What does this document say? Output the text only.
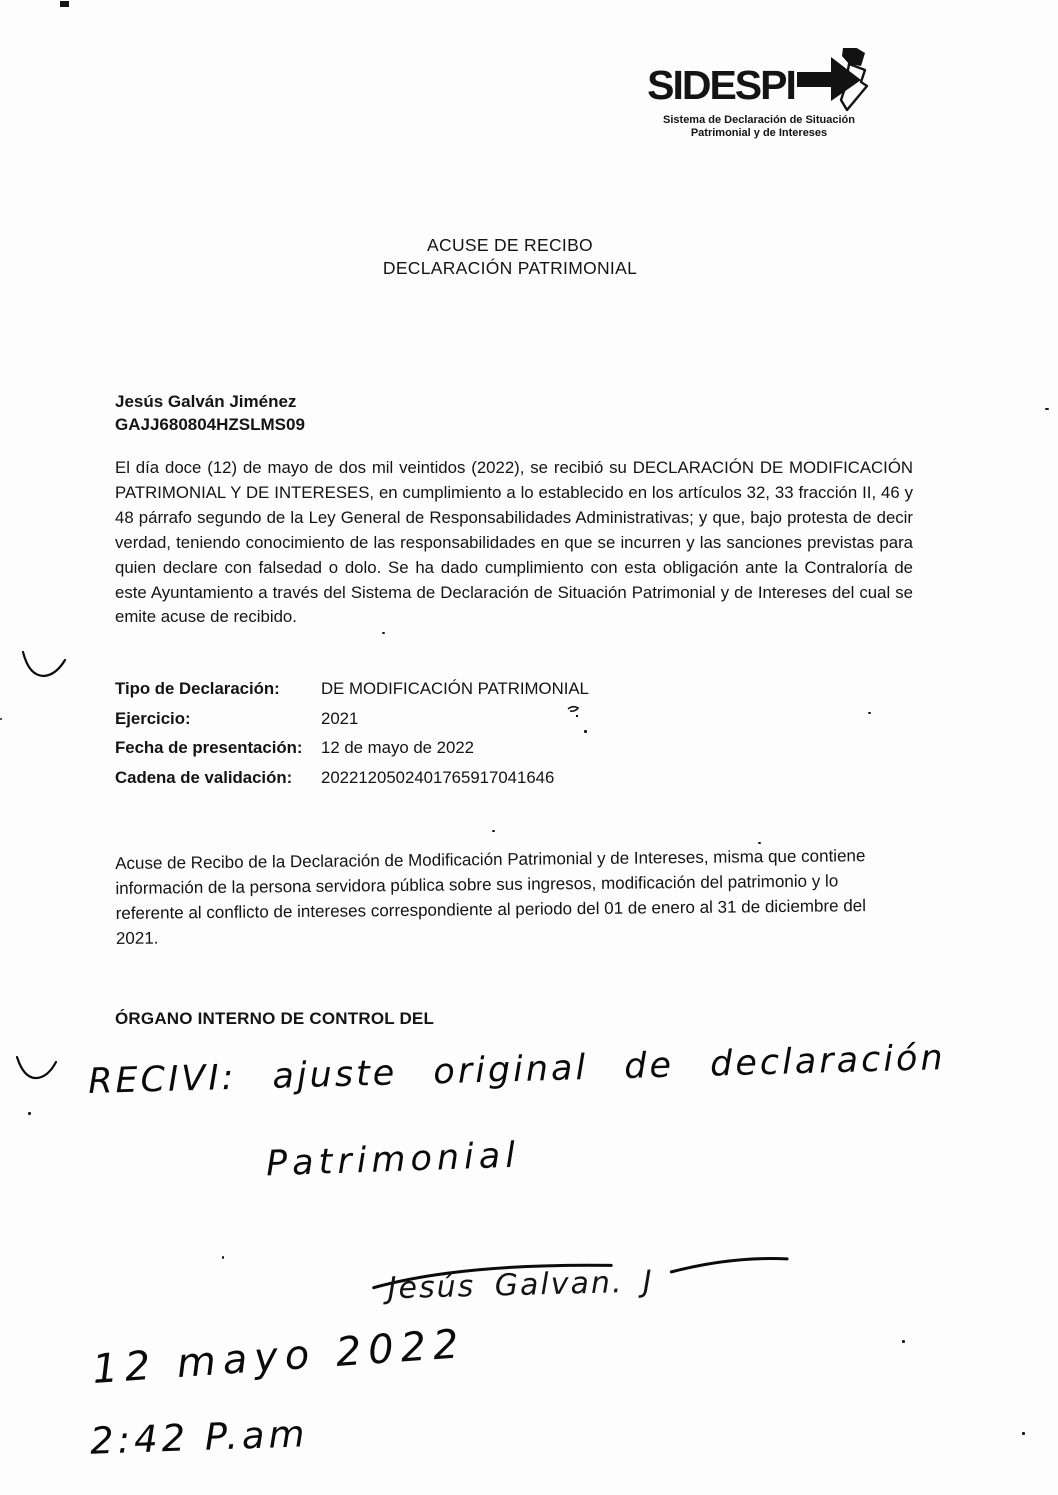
SIDESPI
Sistema de Declaración de Situación
Patrimonial y de Intereses
ACUSE DE RECIBO
DECLARACIÓN PATRIMONIAL
Jesús Galván Jiménez
GAJJ680804HZSLMS09
El día doce (12) de mayo de dos mil veintidos (2022), se recibió su DECLARACIÓN DE MODIFICACIÓN PATRIMONIAL Y DE INTERESES, en cumplimiento a lo establecido en los artículos 32, 33 fracción II, 46 y 48 párrafo segundo de la Ley General de Responsabilidades Administrativas; y que, bajo protesta de decir verdad, teniendo conocimiento de las responsabilidades en que se incurren y las sanciones previstas para quien declare con falsedad o dolo. Se ha dado cumplimiento con esta obligación ante la Contraloría de este Ayuntamiento a través del Sistema de Declaración de Situación Patrimonial y de Intereses del cual se emite acuse de recibido.
Tipo de Declaración:	DE MODIFICACIÓN PATRIMONIAL
Ejercicio:	2021
Fecha de presentación:	12 de mayo de 2022
Cadena de validación:	2022120502401765917041646
Acuse de Recibo de la Declaración de Modificación Patrimonial y de Intereses, misma que contiene información de la persona servidora pública sobre sus ingresos, modificación del patrimonio y lo referente al conflicto de intereses correspondiente al periodo del 01 de enero al 31 de diciembre del 2021.
ÓRGANO INTERNO DE CONTROL DEL
RECIVI: ajuste original de declaración
Patrimonial
Jesús Galvan. J
12 mayo 2022
2:42 P.am
